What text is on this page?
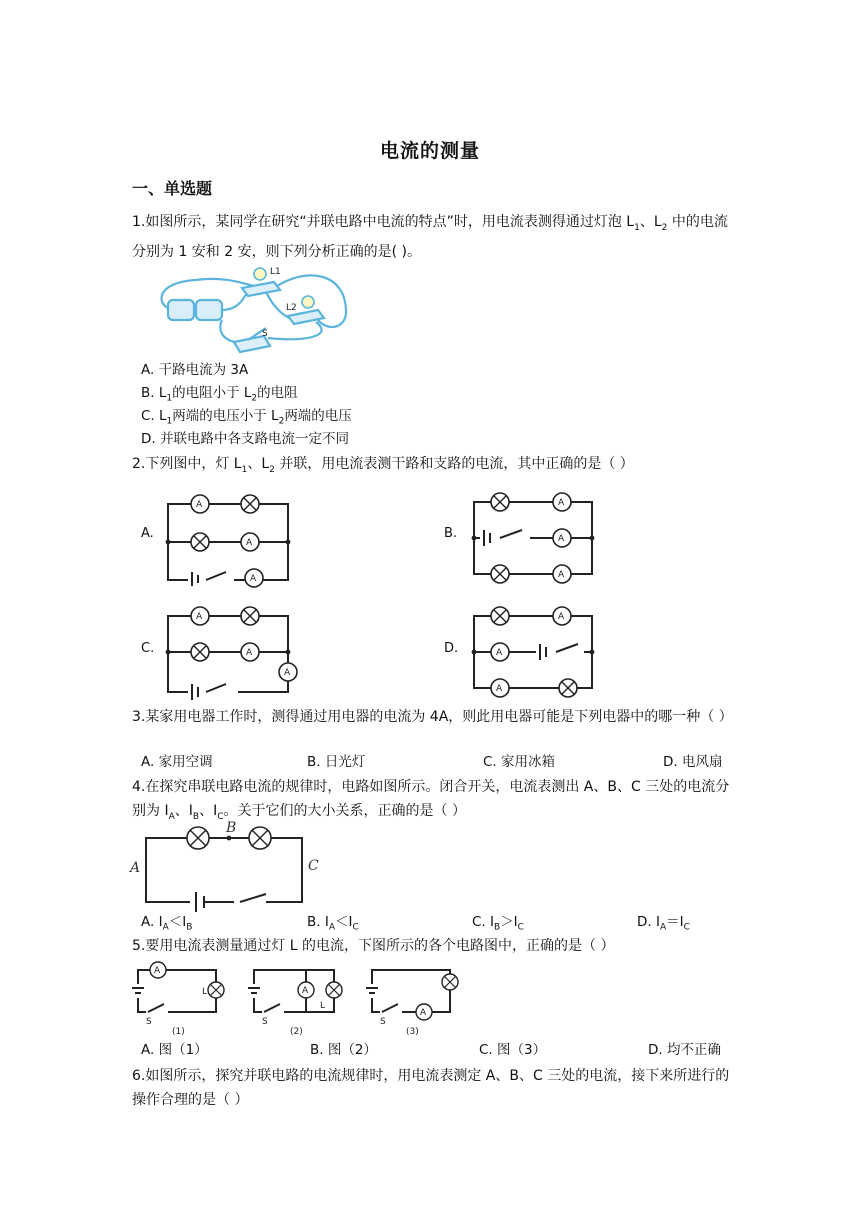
电流的测量
一、单选题
1.如图所示，某同学在研究“并联电路中电流的特点”时，用电流表测得通过灯泡 $L_1$、$L_2$ 中的电流分别为 1 安和 2 安，则下列分析正确的是( )。
L1
L2
S
A. 干路电流为 3A
B. $L_1$的电阻小于 $L_2$的电阻
C. $L_1$两端的电压小于 $L_2$两端的电压
D. 并联电路中各支路电流一定不同
2.下列图中，灯 $L_1$、$L_2$ 并联，用电流表测干路和支路的电流，其中正确的是（ ）
A.	B.
C.	D.
A
A
A
A
A
A
A
A
A
A
A
A
3.某家用电器工作时，测得通过用电器的电流为 4A，则此用电器可能是下列电器中的哪一种（ ）
A. 家用空调	B. 日光灯	C. 家用冰箱	D. 电风扇
4.在探究串联电路电流的规律时，电路如图所示。闭合开关，电流表测出 A、B、C 三处的电流分别为 $I_A$、$I_B$、$I_C$。关于它们的大小关系，正确的是（ ）
A
B
C
A. $I_A<I_B$	B. $I_A<I_C$	C. $I_B>I_C$	D. $I_A=I_C$
5.要用电流表测量通过灯 L 的电流，下图所示的各个电路图中，正确的是（ ）
A
L
S
(1)
A
L
S
(2)
A
S
(3)
A. 图（1）	B. 图（2）	C. 图（3）	D. 均不正确
6.如图所示，探究并联电路的电流规律时，用电流表测定 A、B、C 三处的电流，接下来所进行的操作合理的是（ ）
